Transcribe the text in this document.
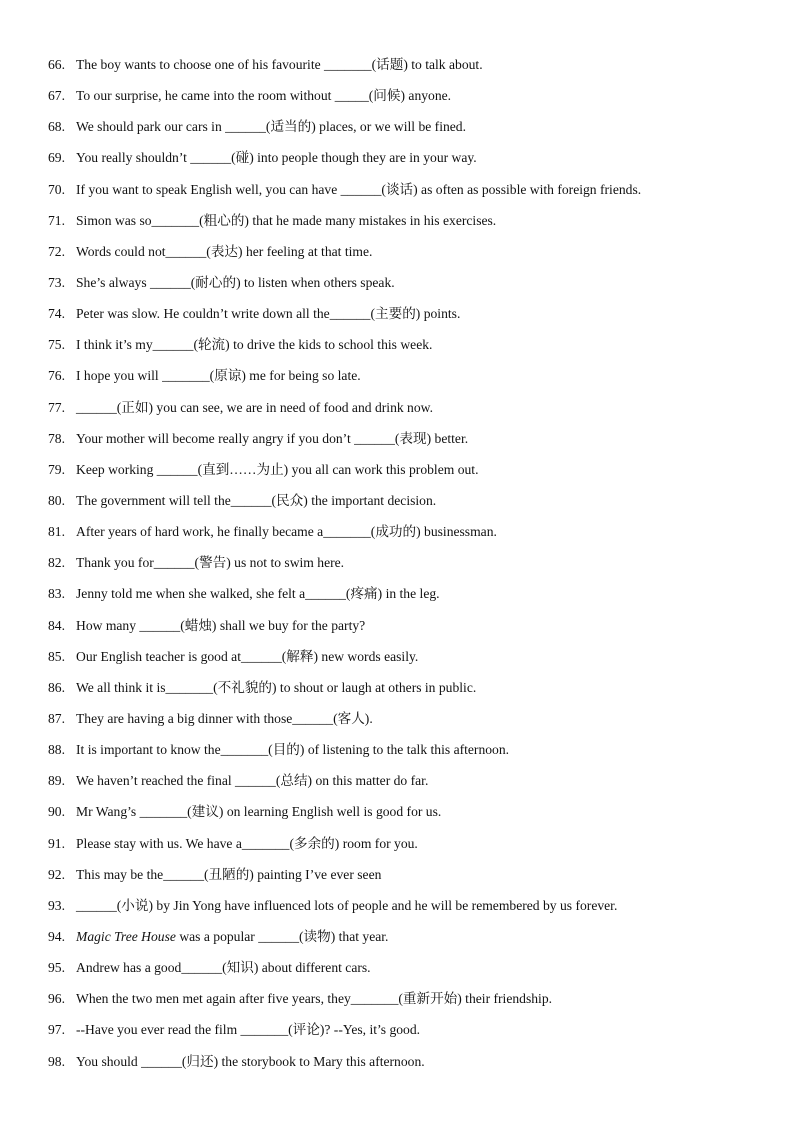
66. The boy wants to choose one of his favourite _______(话题) to talk about.
67. To our surprise, he came into the room without _____(问候) anyone.
68. We should park our cars in ______(适当的) places, or we will be fined.
69. You really shouldn’t ______(碰) into people though they are in your way.
70. If you want to speak English well, you can have ______(谈话) as often as possible with foreign friends.
71. Simon was so_______(粗心的) that he made many mistakes in his exercises.
72. Words could not______(表达) her feeling at that time.
73. She’s always ______(耐心的) to listen when others speak.
74. Peter was slow. He couldn’t write down all the______(主要的) points.
75. I think it’s my______(轮流) to drive the kids to school this week.
76. I hope you will _______(原谅) me for being so late.
77. ______(正如) you can see, we are in need of food and drink now.
78. Your mother will become really angry if you don’t ______(表现) better.
79. Keep working ______(直到……为止) you all can work this problem out.
80. The government will tell the______(民众) the important decision.
81. After years of hard work, he finally became a_______(成功的) businessman.
82. Thank you for______(警告) us not to swim here.
83. Jenny told me when she walked, she felt a______(疼痛) in the leg.
84. How many ______(蜡烛) shall we buy for the party?
85. Our English teacher is good at______(解释) new words easily.
86. We all think it is_______(不礼貌的) to shout or laugh at others in public.
87. They are having a big dinner with those______(客人).
88. It is important to know the_______(目的) of listening to the talk this afternoon.
89. We haven’t reached the final ______(总结) on this matter do far.
90. Mr Wang’s _______(建议) on learning English well is good for us.
91. Please stay with us. We have a_______(多余的) room for you.
92. This may be the______(丑陋的) painting I’ve ever seen
93. ______(小说) by Jin Yong have influenced lots of people and he will be remembered by us forever.
94. Magic Tree House was a popular ______(读物) that year.
95. Andrew has a good______(知识) about different cars.
96. When the two men met again after five years, they_______(重新开始) their friendship.
97. --Have you ever read the film _______(评论)? --Yes, it’s good.
98. You should ______(归还) the storybook to Mary this afternoon.
